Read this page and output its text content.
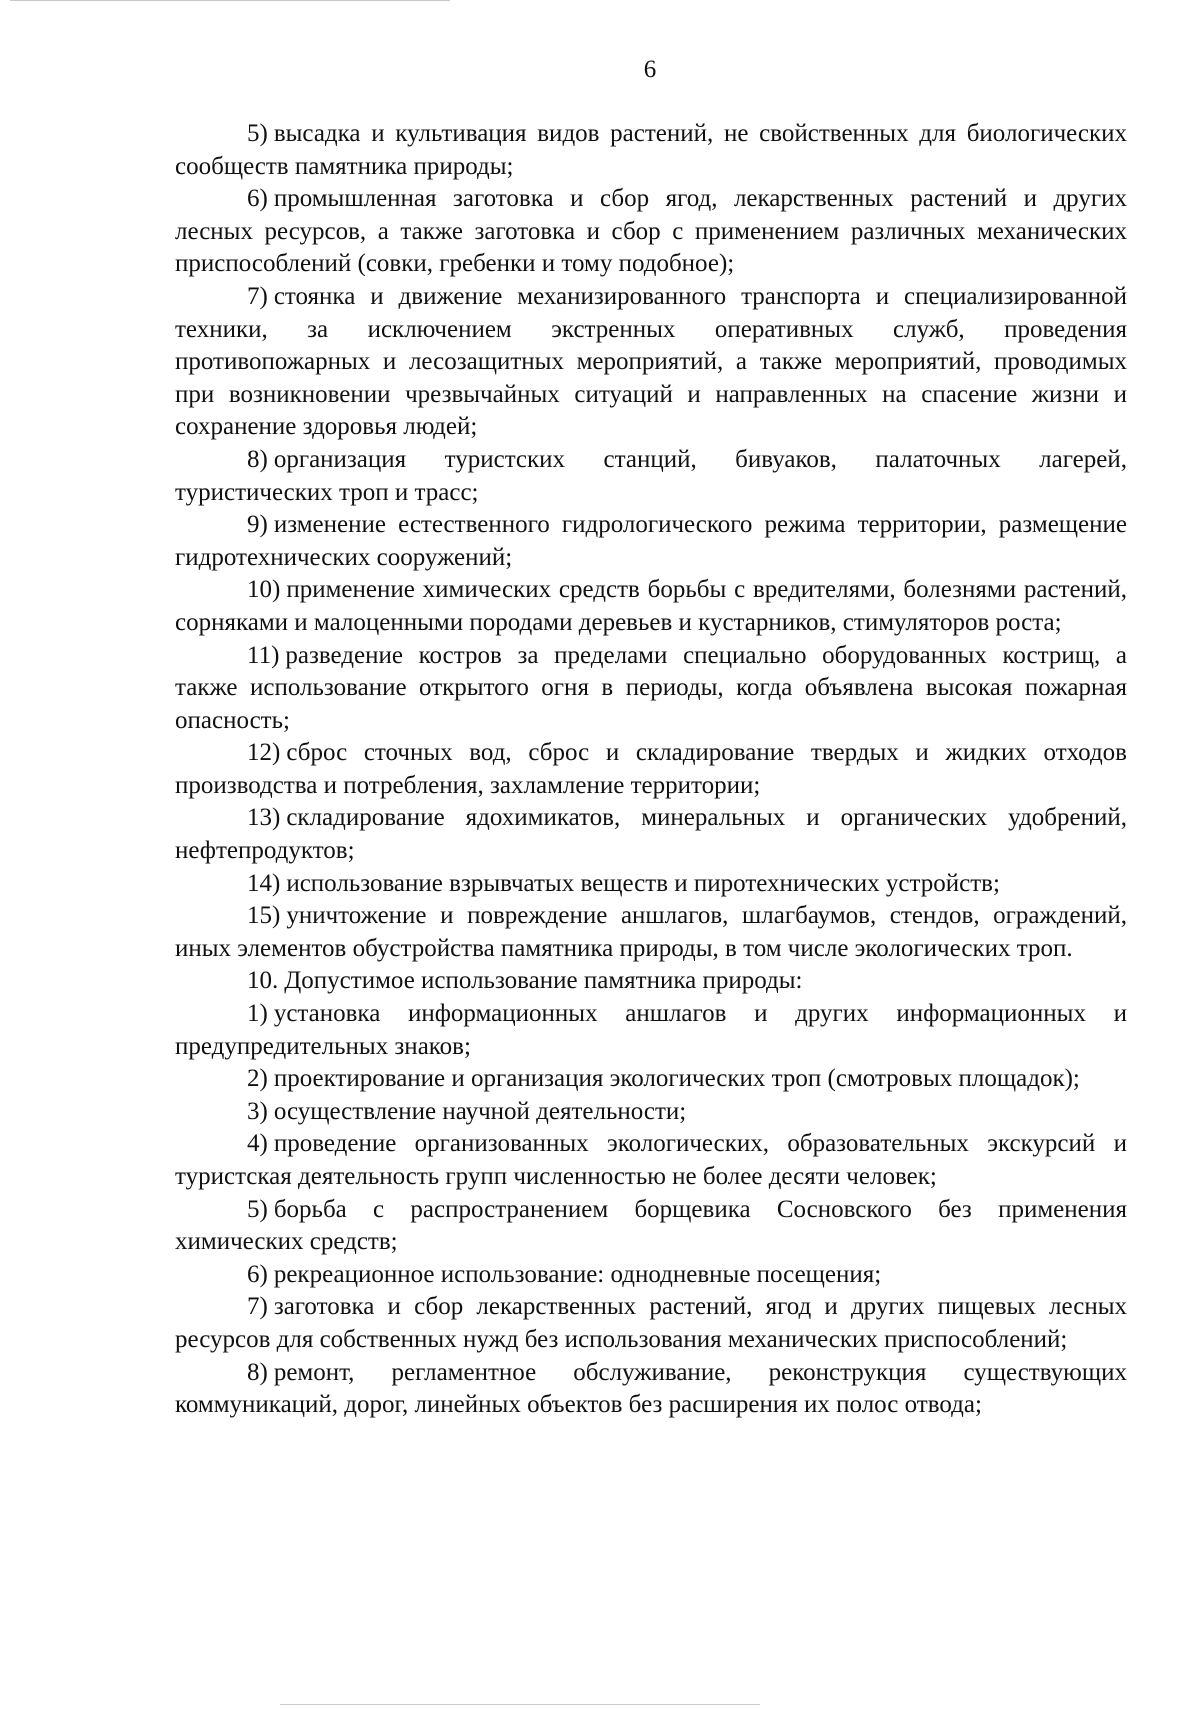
6

5) высадка и культивация видов растений, не свойственных для биологических сообществ памятника природы;

6) промышленная заготовка и сбор ягод, лекарственных растений и других лесных ресурсов, а также заготовка и сбор с применением различных механических приспособлений (совки, гребенки и тому подобное);

7) стоянка и движение механизированного транспорта и специализированной техники, за исключением экстренных оперативных служб, проведения противопожарных и лесозащитных мероприятий, а также мероприятий, проводимых при возникновении чрезвычайных ситуаций и направленных на спасение жизни и сохранение здоровья людей;

8) организация туристских станций, бивуаков, палаточных лагерей, туристических троп и трасс;

9) изменение естественного гидрологического режима территории, размещение гидротехнических сооружений;

10) применение химических средств борьбы с вредителями, болезнями растений, сорняками и малоценными породами деревьев и кустарников, стимуляторов роста;

11) разведение костров за пределами специально оборудованных кострищ, а также использование открытого огня в периоды, когда объявлена высокая пожарная опасность;

12) сброс сточных вод, сброс и складирование твердых и жидких отходов производства и потребления, захламление территории;

13) складирование ядохимикатов, минеральных и органических удобрений, нефтепродуктов;

14) использование взрывчатых веществ и пиротехнических устройств;

15) уничтожение и повреждение аншлагов, шлагбаумов, стендов, ограждений, иных элементов обустройства памятника природы, в том числе экологических троп.

10. Допустимое использование памятника природы:

1) установка информационных аншлагов и других информационных и предупредительных знаков;

2) проектирование и организация экологических троп (смотровых площадок);

3) осуществление научной деятельности;

4) проведение организованных экологических, образовательных экскурсий и туристская деятельность групп численностью не более десяти человек;

5) борьба с распространением борщевика Сосновского без применения химических средств;

6) рекреационное использование: однодневные посещения;

7) заготовка и сбор лекарственных растений, ягод и других пищевых лесных ресурсов для собственных нужд без использования механических приспособлений;

8) ремонт, регламентное обслуживание, реконструкция существующих коммуникаций, дорог, линейных объектов без расширения их полос отвода;
